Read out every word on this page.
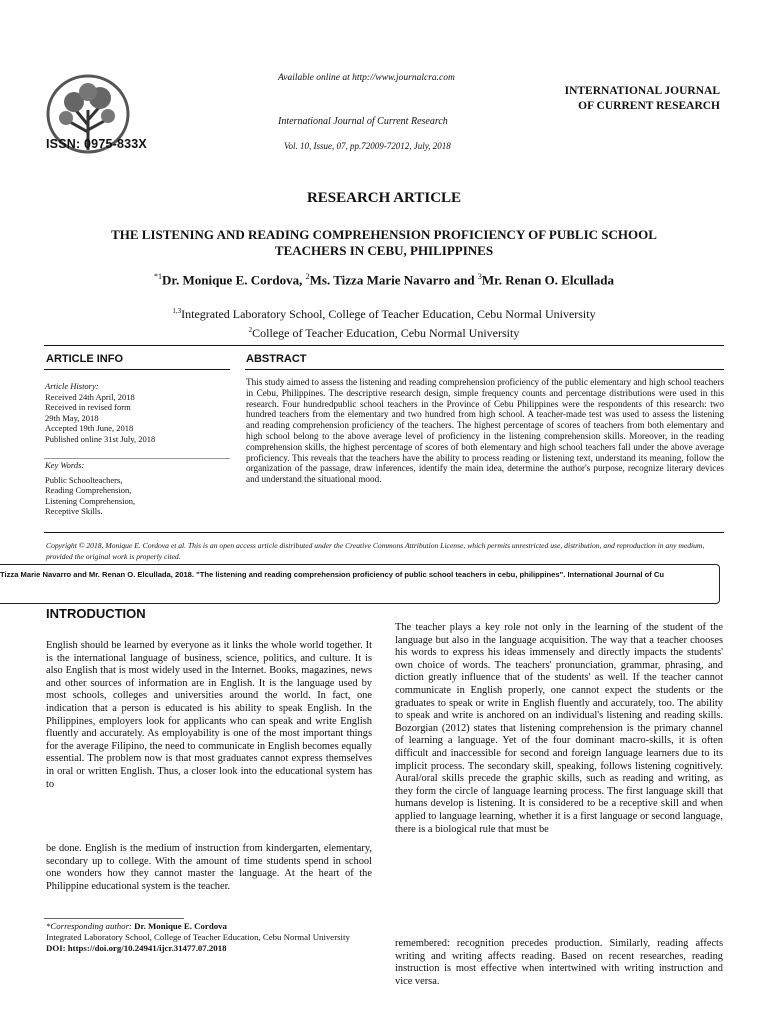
ISSN: 0975-833X
Available online at http://www.journalcra.com
International Journal of Current Research
Vol. 10, Issue, 07, pp.72009-72012, July, 2018
INTERNATIONAL JOURNAL
OF CURRENT RESEARCH
RESEARCH ARTICLE
THE LISTENING AND READING COMPREHENSION PROFICIENCY OF PUBLIC SCHOOL
TEACHERS IN CEBU, PHILIPPINES
$^{*1}$Dr. Monique E. Cordova, $^2$Ms. Tizza Marie Navarro and $^3$Mr. Renan O. Elcullada
$^{1,3}$Integrated Laboratory School, College of Teacher Education, Cebu Normal University
$^2$College of Teacher Education, Cebu Normal University
ARTICLE INFO	ABSTRACT
Article History:
Received 24th April, 2018
Received in revised form
29th May, 2018
Accepted 19th June, 2018
Published online 31st July, 2018
Key Words:
Public Schoolteachers,
Reading Comprehension,
Listening Comprehension,
Receptive Skills.
This study aimed to assess the listening and reading comprehension proficiency of the public elementary and high school teachers in Cebu, Philippines. The descriptive research design, simple frequency counts and percentage distributions were used in this research. Four hundredpublic school teachers in the Province of Cebu Philippines were the respondents of this research: two hundred teachers from the elementary and two hundred from high school. A teacher-made test was used to assess the listening and reading comprehension proficiency of the teachers. The highest percentage of scores of teachers from both elementary and high school belong to the above average level of proficiency in the listening comprehension skills. Moreover, in the reading comprehension skills, the highest percentage of scores of both elementary and high school teachers fall under the above average proficiency. This reveals that the teachers have the ability to process reading or listening text, understand its meaning, follow the organization of the passage, draw inferences, identify the main idea, determine the author's purpose, recognize literary devices and understand the situational mood.
Copyright © 2018, Monique E. Cordova et al. This is an open access article distributed under the Creative Commons Attribution License, which permits unrestricted use, distribution, and reproduction in any medium, provided the original work is properly cited.
Tizza Marie Navarro and Mr. Renan O. Elcullada, 2018. "The listening and reading comprehension proficiency of public school teachers in cebu, philippines". International Journal of Cu
INTRODUCTION
English should be learned by everyone as it links the whole world together. It is the international language of business, science, politics, and culture. It is also English that is most widely used in the Internet. Books, magazines, news and other sources of information are in English. It is the language used by most schools, colleges and universities around the world. In fact, one indication that a person is educated is his ability to speak English. In the Philippines, employers look for applicants who can speak and write English fluently and accurately. As employability is one of the most important things for the average Filipino, the need to communicate in English becomes equally essential. The problem now is that most graduates cannot express themselves in oral or written English. Thus, a closer look into the educational system has to
be done. English is the medium of instruction from kindergarten, elementary, secondary up to college. With the amount of time students spend in school one wonders how they cannot master the language. At the heart of the Philippine educational system is the teacher.
*Corresponding author: Dr. Monique E. Cordova
Integrated Laboratory School, College of Teacher Education, Cebu Normal University
DOI: https://doi.org/10.24941/ijcr.31477.07.2018
The teacher plays a key role not only in the learning of the student of the language but also in the language acquisition. The way that a teacher chooses his words to express his ideas immensely and directly impacts the students' own choice of words. The teachers' pronunciation, grammar, phrasing, and diction greatly influence that of the students' as well. If the teacher cannot communicate in English properly, one cannot expect the students or the graduates to speak or write in English fluently and accurately, too. The ability to speak and write is anchored on an individual's listening and reading skills. Bozorgian (2012) states that listening comprehension is the primary channel of learning a language. Yet of the four dominant macro-skills, it is often difficult and inaccessible for second and foreign language learners due to its implicit process. The secondary skill, speaking, follows listening cognitively. Aural/oral skills precede the graphic skills, such as reading and writing, as they form the circle of language learning process. The first language skill that humans develop is listening. It is considered to be a receptive skill and when applied to language learning, whether it is a first language or second language, there is a biological rule that must be
remembered: recognition precedes production. Similarly, reading affects writing and writing affects reading. Based on recent researches, reading instruction is most effective when intertwined with writing instruction and vice versa.
